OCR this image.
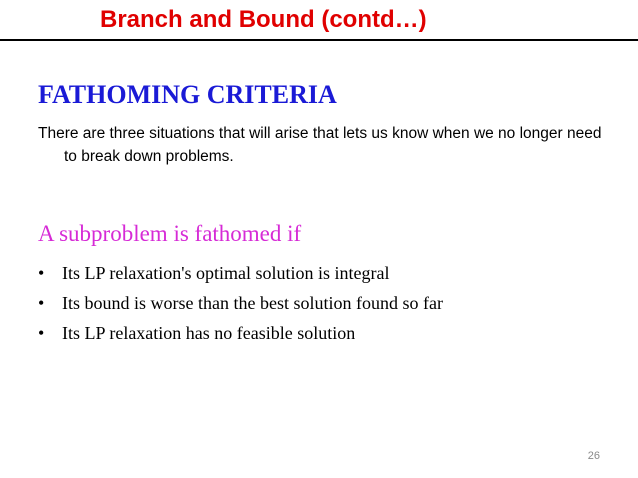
Branch and Bound (contd…)
FATHOMING CRITERIA
There are three situations that will arise that lets us know when we no longer need to break down problems.
A subproblem is fathomed if
• Its LP relaxation's optimal solution is integral
• Its bound is worse than the best solution found so far
• Its LP relaxation has no feasible solution
26
